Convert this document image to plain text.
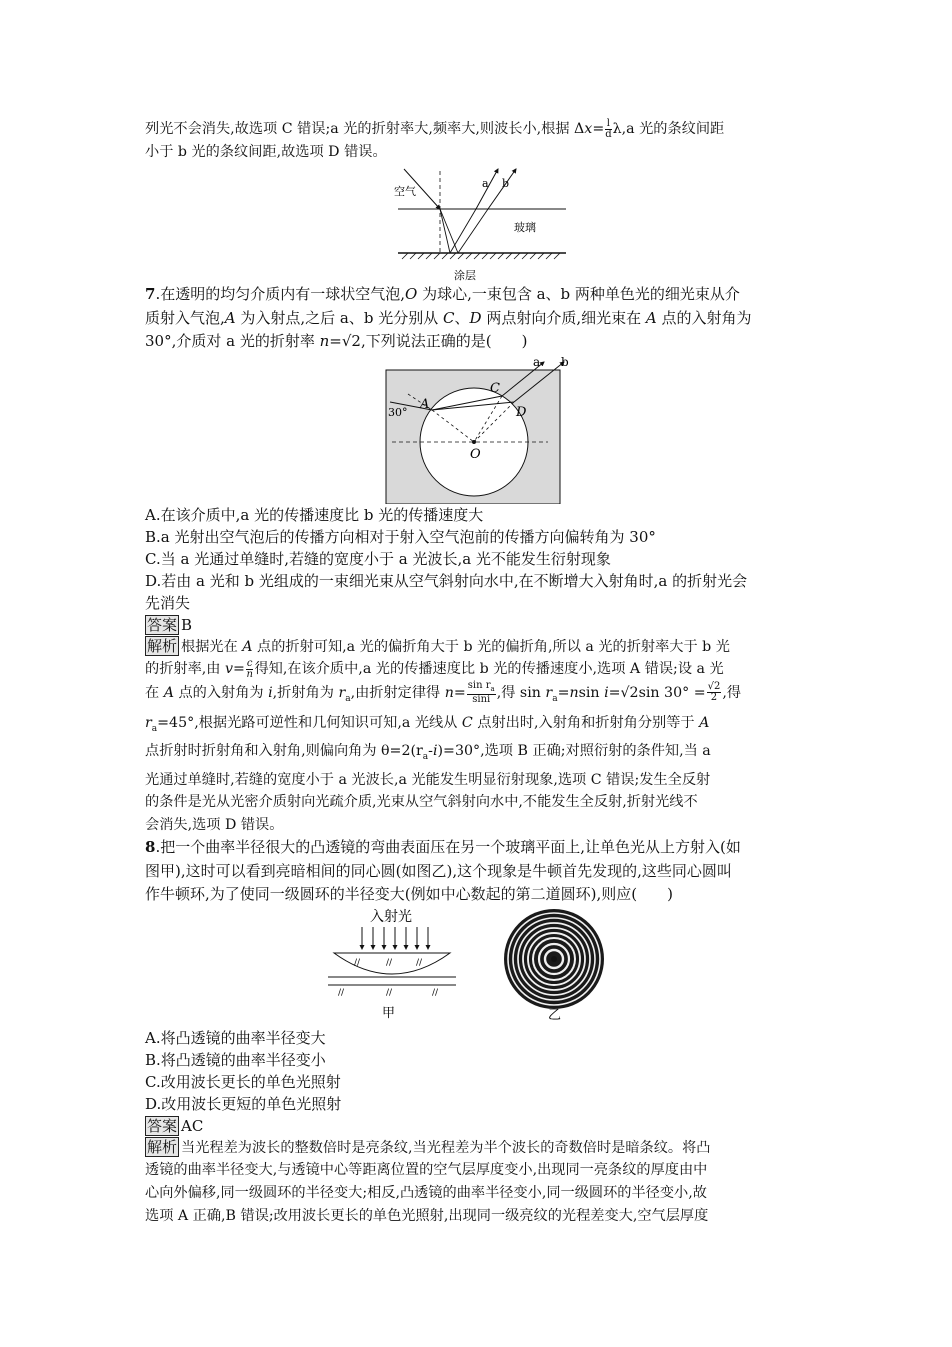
列光不会消失,故选项 C 错误;a 光的折射率大,频率大,则波长小,根据 $\Delta x= \frac{l}{d} \lambda,a$ 光的条纹间距

小于 b 光的条纹间距,故选项 D 错误。

空气
玻璃
涂层
a b

7.在透明的均匀介质内有一球状空气泡,O 为球心,一束包含 a、b 两种单色光的细光束从介

质射入气泡,A 为入射点,之后 a、b 光分别从 C、D 两点射向介质,细光束在 A 点的入射角为

30°,介质对 a 光的折射率 n=√2,下列说法正确的是(　　)

a b
30°
A
C
D
O

A.在该介质中,a 光的传播速度比 b 光的传播速度大

B.a 光射出空气泡后的传播方向相对于射入空气泡前的传播方向偏转角为 30°

C.当 a 光通过单缝时,若缝的宽度小于 a 光波长,a 光不能发生衍射现象

D.若由 a 光和 b 光组成的一束细光束从空气斜射向水中,在不断增大入射角时,a 的折射光会

先消失

答案 B

解析 根据光在 A 点的折射可知,a 光的偏折角大于 b 光的偏折角,所以 a 光的折射率大于 b 光

的折射率,由 $v= \frac{c}{n}$ 得知,在该介质中,a 光的传播速度比 b 光的传播速度小,选项 A 错误;设 a 光

在 A 点的入射角为 i,折射角为 $r_a$,由折射定律得 $n= \frac{\sin r_a}{\sin i}$ ,得 $\sin r_a=nsin$ i=√2sin $30^\circ = \frac{√2}{2}$ ,得

$r_a=45^\circ$,根据光路可逆性和几何知识可知,a 光线从 C 点射出时,入射角和折射角分别等于 A

点折射时折射角和入射角,则偏向角为 $\theta=2(r_a-i)=30^\circ$,选项 B 正确;对照衍射的条件知,当 a

光通过单缝时,若缝的宽度小于 a 光波长,a 光能发生明显衍射现象,选项 C 错误;发生全反射

的条件是光从光密介质射向光疏介质,光束从空气斜射向水中,不能发生全反射,折射光线不

会消失,选项 D 错误。

8.把一个曲率半径很大的凸透镜的弯曲表面压在另一个玻璃平面上,让单色光从上方射入(如

图甲),这时可以看到亮暗相间的同心圆(如图乙),这个现象是牛顿首先发现的,这些同心圆叫

作牛顿环,为了使同一级圆环的半径变大(例如中心数起的第二道圆环),则应(　　)

入射光
//	//	//
//	//	//
甲	乙

A.将凸透镜的曲率半径变大

B.将凸透镜的曲率半径变小

C.改用波长更长的单色光照射

D.改用波长更短的单色光照射

答案 AC

解析 当光程差为波长的整数倍时是亮条纹,当光程差为半个波长的奇数倍时是暗条纹。将凸

透镜的曲率半径变大,与透镜中心等距离位置的空气层厚度变小,出现同一亮条纹的厚度由中

心向外偏移,同一级圆环的半径变大;相反,凸透镜的曲率半径变小,同一级圆环的半径变小,故

选项 A 正确,B 错误;改用波长更长的单色光照射,出现同一级亮纹的光程差变大,空气层厚度
